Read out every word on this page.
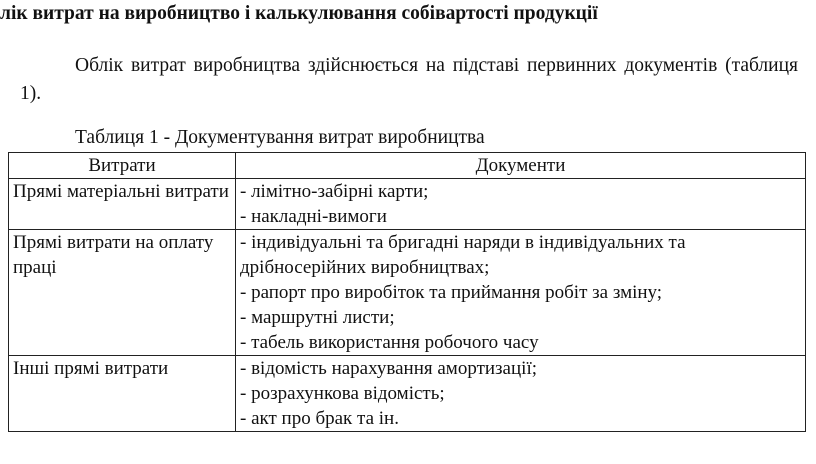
лік витрат на виробництво і калькулювання собівартості продукції

Облік витрат виробництва здійснюється на підставі первинних документів (таблиця 1).

Таблиця 1 - Документування витрат виробництва
Витрати	Документи
Прямі матеріальні витрати	- лімітно-забірні карти;
- накладні-вимоги

Прямі витрати на оплату праці	- індивідуальні та бригадні наряди в індивідуальних та дрібносерійних виробництвах;
- рапорт про виробіток та приймання робіт за зміну;
- маршрутні листи;
- табель використання робочого часу

Інші прямі витрати	- відомість нарахування амортизації;
- розрахункова відомість;
- акт про брак та ін.
